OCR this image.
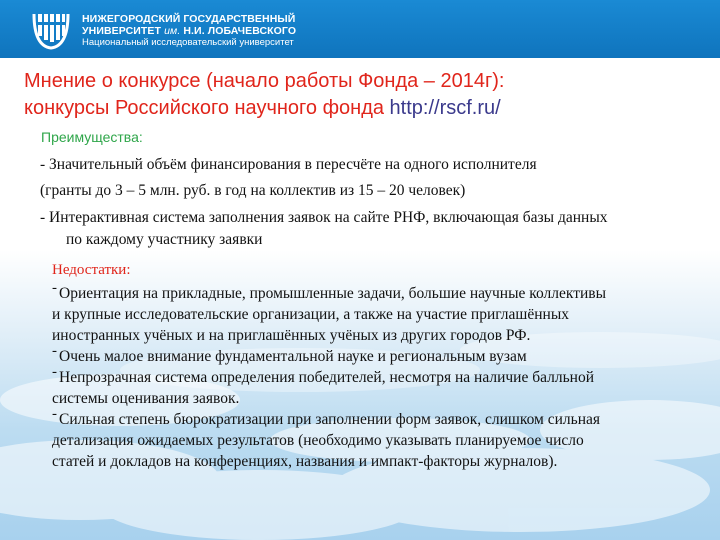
НИЖЕГОРОДСКИЙ ГОСУДАРСТВЕННЫЙ
УНИВЕРСИТЕТ им. Н.И. ЛОБАЧЕВСКОГО
Национальный исследовательский университет
Мнение о конкурсе (начало работы Фонда – 2014г):
конкурсы Российского научного фонда http://rscf.ru/
Преимущества:
- Значительный объём финансирования в пересчёте на одного исполнителя
(гранты до 3 – 5 млн. руб. в год на коллектив из 15 – 20 человек)
- Интерактивная система заполнения заявок на сайте РНФ, включающая базы данных
по каждому участнику заявки
Недостатки:
- Ориентация на прикладные, промышленные задачи, большие научные коллективы
и крупные исследовательские организации, а также на участие приглашённых
иностранных учёных и на приглашённых учёных из других городов РФ.
- Очень малое внимание фундаментальной науке и региональным вузам
- Непрозрачная система определения победителей, несмотря на наличие балльной
системы оценивания заявок.
- Сильная степень бюрократизации при заполнении форм заявок, слишком сильная
детализация ожидаемых результатов (необходимо указывать планируемое число
статей и докладов на конференциях, названия и импакт-факторы журналов).
